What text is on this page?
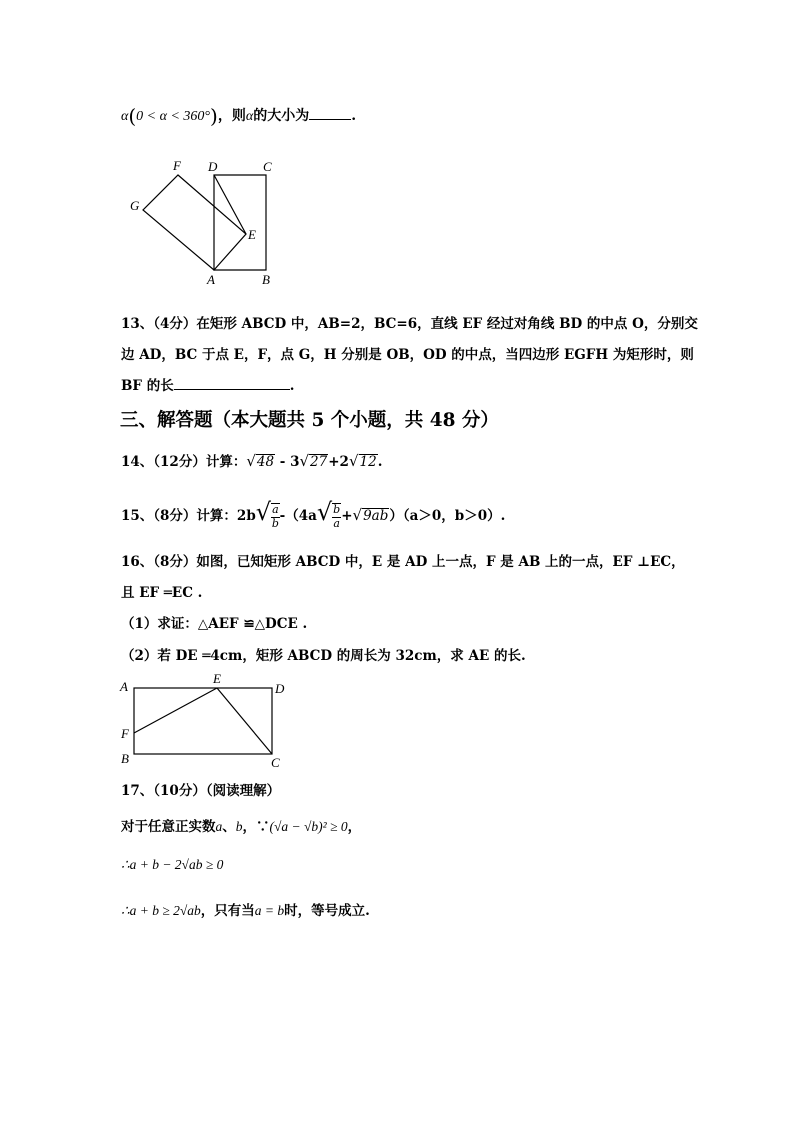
α(0 < α < 360°)，则α的大小为	.
F D	C
G
E
A	B
13、（4分）在矩形 ABCD 中，AB=2，BC=6，直线 EF 经过对角线 BD 的中点 O，分别交
边 AD，BC 于点 E，F，点 G，H 分别是 OB，OD 的中点，当四边形 EGFH 为矩形时，则
BF 的长	.
三、解答题（本大题共 5 个小题，共 48 分）
14、（12分）计算：√48 - 3√27+2√12.
15、（8分）计算：$2b√ \frac{a}{b} -(4a√ \frac{b}{a} +√9ab)(a>0$，b＞0）.
16、（8分）如图，已知矩形 ABCD 中，E 是 AD 上一点，F 是 AB 上的一点，EF ⊥EC，
且 EF ═EC .
（1）求证：△AEF ≌△DCE .
（2）若 DE ═4cm，矩形 ABCD 的周长为 32cm，求 AE 的长.
A
E
D
F
B	C
17、（10分）（阅读理解）
对于任意正实数a、b，∵(√a − √b)² ≥ 0，
∴a + b − 2√ab ≥ 0
∴a + b ≥ 2√ab，只有当a = b时，等号成立.
